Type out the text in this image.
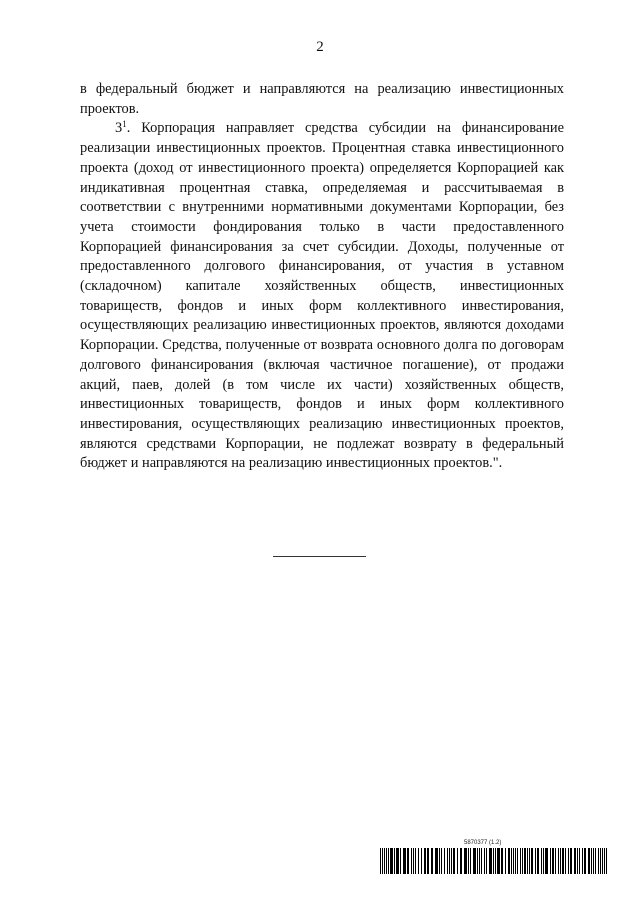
2

в федеральный бюджет и направляются на реализацию инвестиционных проектов.

$3^1$. Корпорация направляет средства субсидии на финансирование реализации инвестиционных проектов. Процентная ставка инвестиционного проекта (доход от инвестиционного проекта) определяется Корпорацией как индикативная процентная ставка, определяемая и рассчитываемая в соответствии с внутренними нормативными документами Корпорации, без учета стоимости фондирования только в части предоставленного Корпорацией финансирования за счет субсидии. Доходы, полученные от предоставленного долгового финансирования, от участия в уставном (складочном) капитале хозяйственных обществ, инвестиционных товариществ, фондов и иных форм коллективного инвестирования, осуществляющих реализацию инвестиционных проектов, являются доходами Корпорации. Средства, полученные от возврата основного долга по договорам долгового финансирования (включая частичное погашение), от продажи акций, паев, долей (в том числе их части) хозяйственных обществ, инвестиционных товариществ, фондов и иных форм коллективного инвестирования, осуществляющих реализацию инвестиционных проектов, являются средствами Корпорации, не подлежат возврату в федеральный бюджет и направляются на реализацию инвестиционных проектов.".

5870377 (1.2)
